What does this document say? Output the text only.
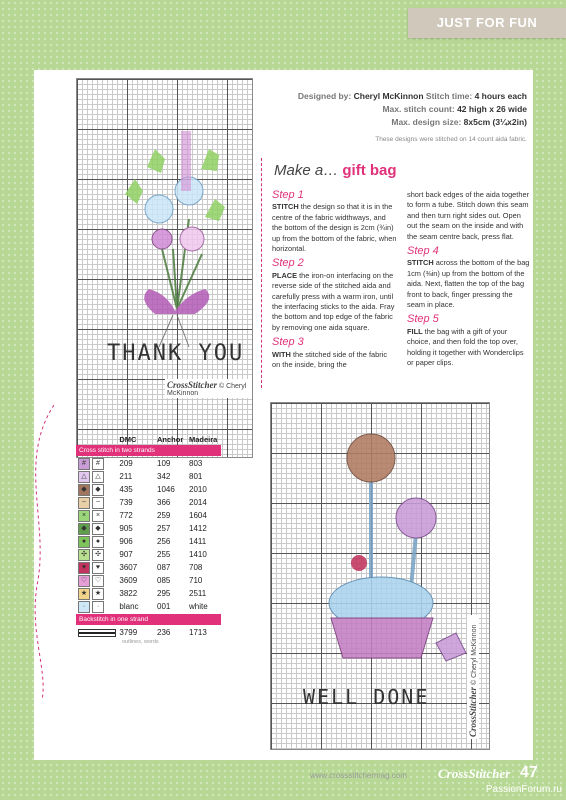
JUST FOR FUN
THANK YOU
CrossStitcher © Cheryl McKinnon
Designed by: Cheryl McKinnon Stitch time: 4 hours each
Max. stitch count: 42 high x 26 wide
Max. design size: 8x5cm (3¼x2in)
These designs were stitched on 14 count aida fabric.
Make a… gift bag
Step 1

STITCH the design so that it is in the centre of the fabric widthways, and the bottom of the design is 2cm (¾in) up from the bottom of the fabric, when horizontal.

Step 2

PLACE the iron-on interfacing on the reverse side of the stitched aida and carefully press with a warm iron, until the interfacing sticks to the aida. Fray the bottom and top edge of the fabric by removing one aida square.

Step 3

WITH the stitched side of the fabric on the inside, bring the

short back edges of the aida together to form a tube. Stitch down this seam and then turn right sides out. Open out the seam on the inside and with the seam centre back, press flat.

Step 4

STITCH across the bottom of the bag 1cm (⅜in) up from the bottom of the aida. Next, flatten the top of the bag front to back, finger pressing the seam in place.

Step 5

FILL the bag with a gift of your choice, and then fold the top over, holding it together with Wonderclips or paper clips.

WELL DONE	CrossStitcher © Cheryl McKinnon
DMC	Anchor Madeira
Cross stitch in two strands
#	#	209	109	803
△	△	211	342	801
◆	◆	435	1046	2010
~	~	739	366	2014
×	×	772	259	1604
◆	◆	905	257	1412
●	●	906	256	1411
✣	✣	907	255	1410
♥	♥	3607	087	708
♡	♡	3609	085	710
★	★	3822	295	2511
·	·	blanc	001	white
Backstitch in one strand
3799	236	1713
outlines, words
www.crossstitchermag.com CrossStitcher 47
PassionForum.ru
